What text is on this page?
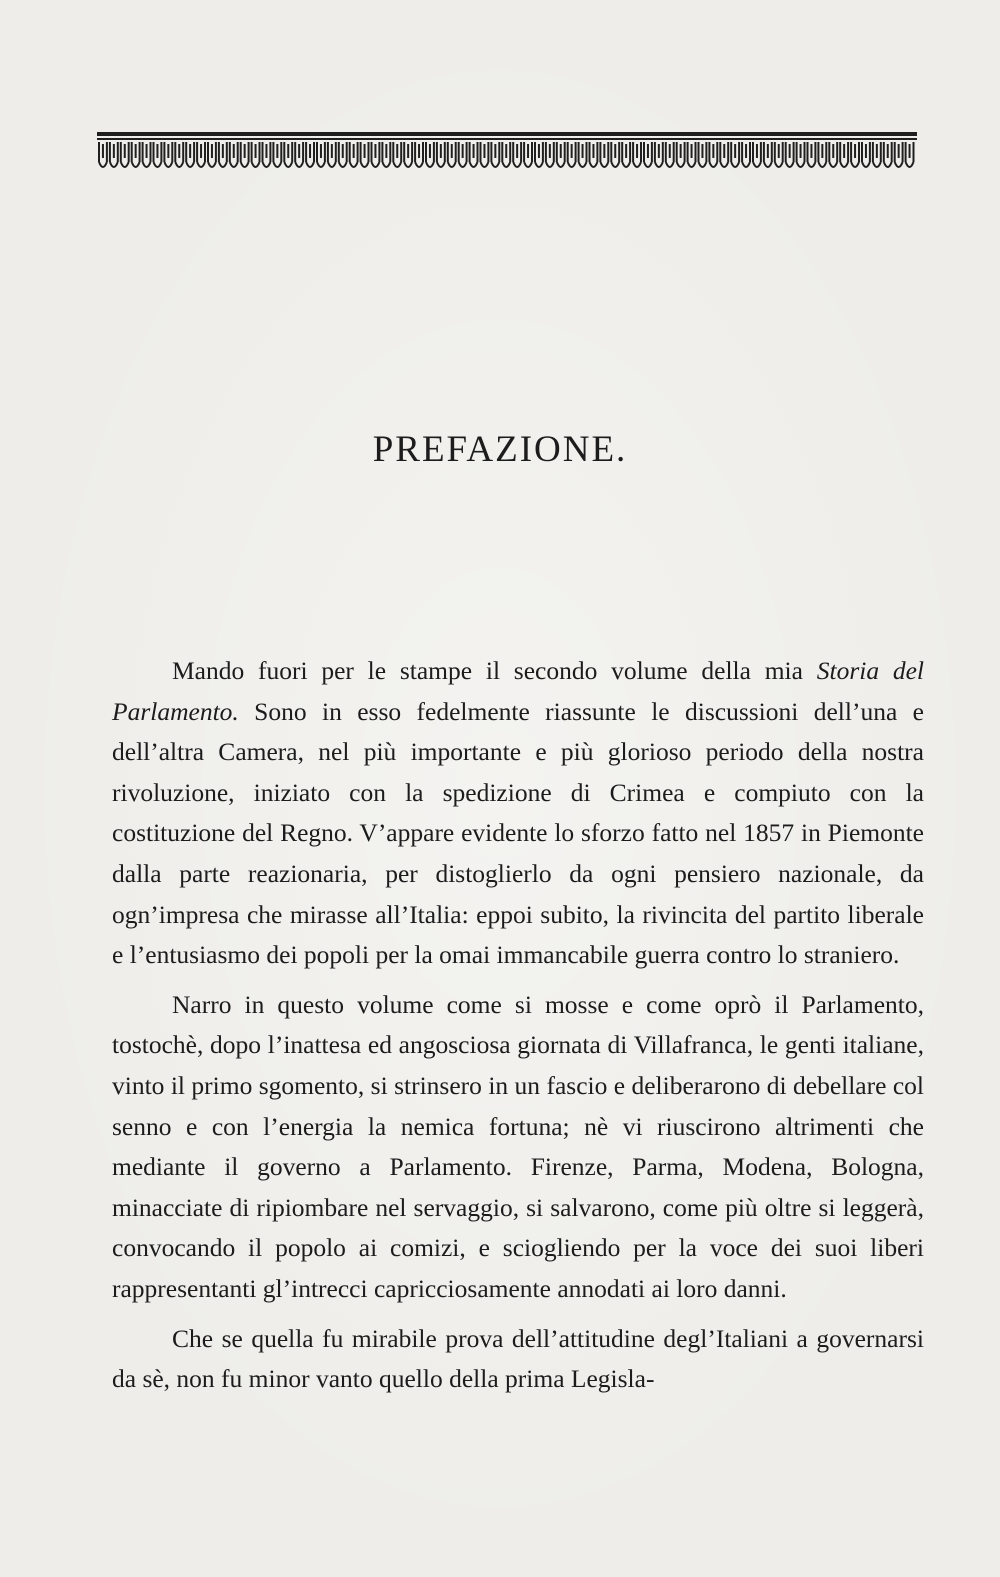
PREFAZIONE.

Mando fuori per le stampe il secondo volume della mia Storia del Parlamento. Sono in esso fedelmente riassunte le discussioni dell’una e dell’altra Camera, nel più importante e più glorioso periodo della nostra rivoluzione, iniziato con la spedizione di Crimea e compiuto con la costituzione del Regno. V’appare evidente lo sforzo fatto nel 1857 in Piemonte dalla parte reazionaria, per distoglierlo da ogni pensiero nazionale, da ogn’impresa che mirasse all’Italia: eppoi subito, la rivincita del partito liberale e l’entusiasmo dei popoli per la omai immancabile guerra contro lo straniero.

Narro in questo volume come si mosse e come oprò il Parlamento, tostochè, dopo l’inattesa ed angosciosa giornata di Villafranca, le genti italiane, vinto il primo sgomento, si strinsero in un fascio e deliberarono di debellare col senno e con l’energia la nemica fortuna; nè vi riuscirono altrimenti che mediante il governo a Parlamento. Firenze, Parma, Modena, Bologna, minacciate di ripiombare nel servaggio, si salvarono, come più oltre si leggerà, convocando il popolo ai comizi, e sciogliendo per la voce dei suoi liberi rappresentanti gl’intrecci capricciosamente annodati ai loro danni.

Che se quella fu mirabile prova dell’attitudine degl’Italiani a governarsi da sè, non fu minor vanto quello della prima Legisla-
